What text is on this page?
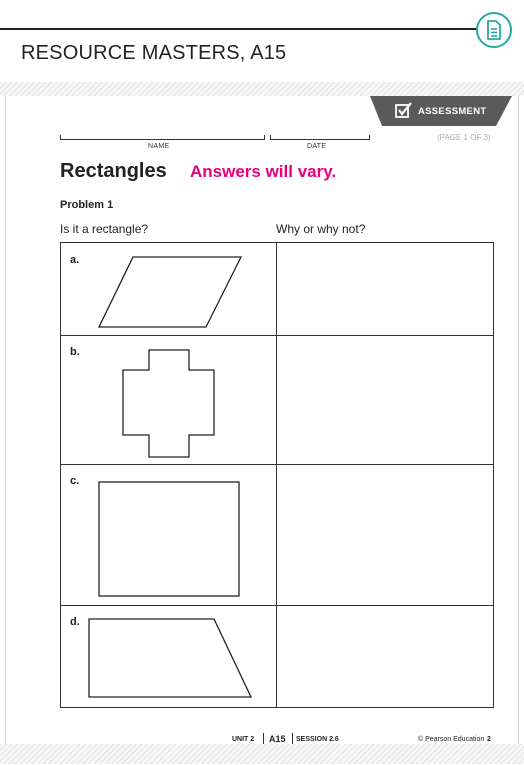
RESOURCE MASTERS, A15
ASSESSMENT
(PAGE 1 OF 3)
NAME	DATE
Rectangles Answers will vary.
Problem 1
Is it a rectangle?	Why or why not?
a.
b.
c.
d.
UNIT 2 A15 SESSION 2.6	© Pearson Education 2
